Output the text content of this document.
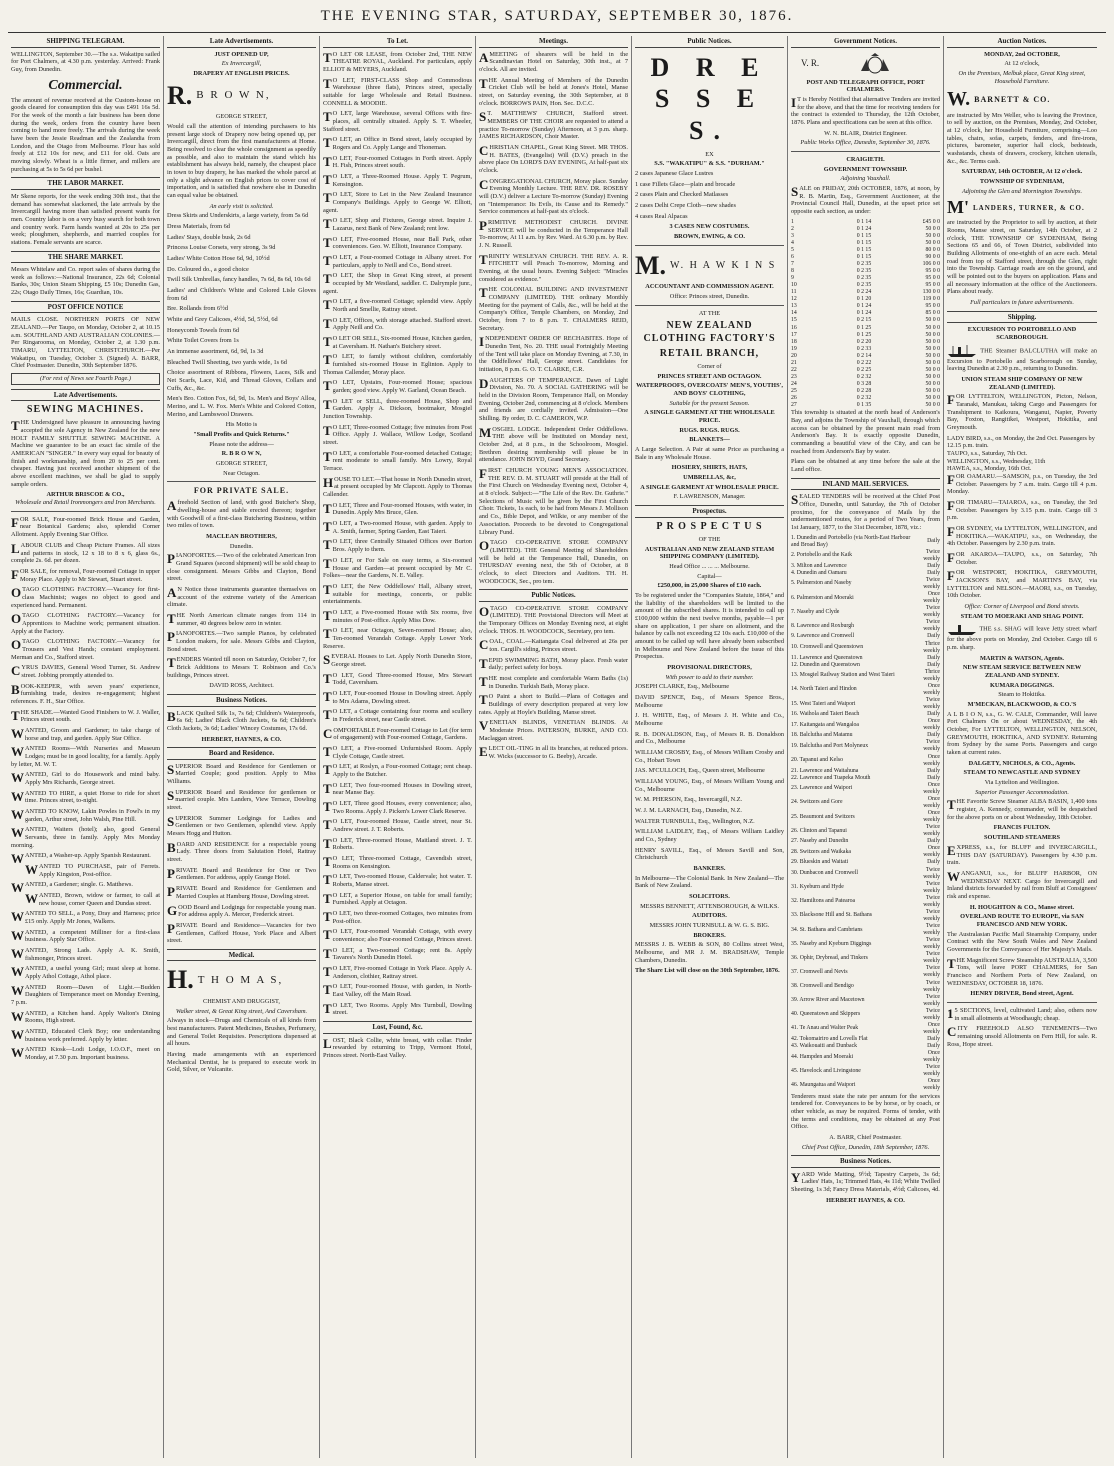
THE EVENING STAR, SATURDAY, SEPTEMBER 30, 1876.
SHIPPING TELEGRAM.

WELLINGTON, September 30.—The s.s. Wakatipu sailed for Port Chalmers, at 4.30 p.m. yesterday. Arrived: Frank Guy, from Dunedin.

Commercial.

The amount of revenue received at the Custom-house on goods cleared for consumption this day was £491 16s 5d. For the week of the month a fair business has been done during the week, orders from the country have been coming to hand more freely. The arrivals during the week have been the Jessie Readman and the Zealandia from London, and the Otago from Melbourne. Flour has sold freely at £12 10s for new, and £11 for old. Oats are moving slowly. Wheat is a little firmer, and millers are purchasing at 5s to 5s 6d per bushel.

THE LABOR MARKET.

Mr Skene reports, for the week ending 30th inst., that the demand has somewhat slackened, the late arrivals by the Invercargill having more than satisfied present wants for men. Country labor is on a very busy search for both town and country work. Farm hands wanted at 20s to 25s per week; ploughmen, shepherds, and married couples for stations. Female servants are scarce.

THE SHARE MARKET.

Messrs Whitelaw and Co. report sales of shares during the week as follows:—National Insurance, 22s 6d; Colonial Banks, 30s; Union Steam Shipping, £5 10s; Dunedin Gas, 22s; Otago Daily Times, 16s; Guardian, 10s.

POST OFFICE NOTICE

MAILS CLOSE. NORTHERN PORTS OF NEW ZEALAND.—Per Taupo, on Monday, October 2, at 10.15 a.m. SOUTHLAND AND AUSTRALIAN COLONIES.—Per Ringarooma, on Monday, October 2, at 1.30 p.m. TIMARU, LYTTELTON, CHRISTCHURCH.—Per Wakatipu, on Tuesday, October 3. (Signed) A. BARR, Chief Postmaster. Dunedin, 30th September 1876.

(For rest of News see Fourth Page.)
Late Advertisements.
SEWING MACHINES.

THE Undersigned have pleasure in announcing having accepted the sole Agency in New Zealand for the new HOLT FAMILY SHUTTLE SEWING MACHINE. A Machine we guarantee to be an exact fac simile of the AMERICAN "SINGER." In every way equal for beauty of finish and workmanship, and from 20 to 25 per cent. cheaper. Having just received another shipment of the above excellent machines, we shall be glad to supply sample orders.

ARTHUR BRISCOE & CO.,
Wholesale and Retail Ironmongers and Iron Merchants.

FOR SALE, Four-roomed Brick House and Garden, near Botanical Gardens; also, splendid Corner Allotment. Apply Evening Star Office.

LABOUR CLUB and Cheap Picture Frames. All sizes and patterns in stock, 12 x 18 to 8 x 6, glass 6s., complete 2s. 6d. per dozen.

FOR SALE, for removal, Four-roomed Cottage in upper Moray Place. Apply to Mr Stewart, Stuart street.

OTAGO CLOTHING FACTORY.—Vacancy for first-class Machinist; wages no object to good and experienced hand. Permanent.

OTAGO CLOTHING FACTORY.—Vacancy for Apprentices to Machine work; permanent situation. Apply at the Factory.

OTAGO CLOTHING FACTORY.—Vacancy for Trousers and Vest Hands; constant employment. Merman and Co., Stafford street.

CYRUS DAVIES, General Wood Turner, St. Andrew street. Jobbing promptly attended to.

BOOK-KEEPER, with seven years' experience, furnishing trade, desires re-engagement; highest references. F. H., Star Office.

THE SHADE.—Wanted Good Finishers to W. J. Waller, Princes street south.

WANTED, Groom and Gardener; to take charge of horse and trap, and garden. Apply Star Office.

WANTED Rooms—With Nurseries and Museum Lodges; must be in good locality, for a family. Apply by letter, M. W. T.

WANTED, Girl to do Housework and mind baby. Apply Mrs Richards, George street.

WANTED TO HIRE, a quiet Horse to ride for short time. Princes street, to-night.

WANTED TO KNOW, Lakin Powles in Fowl's in my garden, Arthur street, John Walsh, Pine Hill.

WANTED, Waiters (hotel); also, good General Servants, three in family. Apply Mrs Monday morning.

WANTED, a Washer-up. Apply Spanish Restaurant.

WANTED TO PURCHASE, pair of Ferrets. Apply Kingston, Post-office.

WANTED, a Gardener; single. G. Matthews.

WANTED, Brown, widow or farmer, to call at new house, corner Queen and Dundas street.

WANTED TO SELL, a Pony, Dray and Harness; price £15 only. Apply Mr Jones, Walkers.

WANTED, a competent Milliner for a first-class business. Apply Star Office.

WANTED, Strong Lads. Apply A. K. Smith, fishmonger, Princes street.

WANTED, a useful young Girl; must sleep at home. Apply Athol Cottage, Athol place.

WANTED Room—Dawn of Light.—Budden Daughters of Temperance meet on Monday Evening, 7 p.m.

WANTED, a Kitchen hand. Apply Walton's Dining Rooms, High street.

WANTED, Educated Clerk Boy; one understanding business work preferred. Apply by letter.

WANTED Kiosk—Lodi Lodge, I.O.O.F., meet on Monday, at 7.30 p.m. Important business.

Late Advertisements.
JUST OPENED UP,
Ex Invercargill,
DRAPERY AT ENGLISH PRICES.
R. B R O W N,
GEORGE STREET,

Would call the attention of intending purchasers to his present large stock of Drapery now being opened up, per Invercargill, direct from the first manufacturers at Home. Being resolved to clear the whole consignment as speedily as possible, and also to maintain the stand which his establishment has always held, namely, the cheapest place in town to buy drapery, he has marked the whole parcel at only a slight advance on English prices to cover cost of importation, and is satisfied that nowhere else in Dunedin can equal value be obtained.

An early visit is solicited.

Dress Skirts and Underskirts, a large variety, from 5s 6d

Dress Materials, from 6d

Ladies' Stays, double busk, 2s 6d

Princess Louise Corsets, very strong, 3s 9d

Ladies' White Cotton Hose 6d, 9d, 10½d

Do. Coloured do., a good choice

Twill Silk Umbrellas, fancy handles, 7s 6d, 8s 6d, 10s 6d

Ladies' and Children's White and Colored Lisle Gloves from 6d

Bre. Rollands from 6½d

White and Grey Calicoes, 4½d, 5d, 5½d, 6d

Honeycomb Towels from 6d

White Toilet Covers from 1s

An immense assortment, 6d, 9d, 1s 3d

Bleached Twill Sheeting, two yards wide, 1s 6d

Choice assortment of Ribbons, Flowers, Laces, Silk and Net Scarfs, Lace, Kid, and Thread Gloves, Collars and Cuffs, &c., &c.

Men's Bro. Cotton Fox, 6d, 9d, 1s. Men's and Boys' Alloa, Merino, and L. W. Fox. Men's White and Colored Cotton, Merino, and Lambswool Drawers.

His Motto is
"Small Profits and Quick Returns."
Please note the address—
R. B R O W N,
GEORGE STREET,
Near Octagon.
FOR PRIVATE SALE.

Afreehold Section of land, with good Butcher's Shop, dwelling-house and stable erected thereon; together with Goodwill of a first-class Butchering Business, within two miles of town.

MACLEAN BROTHERS,
Dunedin.

PIANOFORTES.—Two of the celebrated American Iron Grand Squares (second shipment) will be sold cheap to close consignment. Messrs Gibbs and Clayton, Bond street.

AN Notice those instruments guarantee themselves on account of the extreme variety of the American climate.

THE North American climate ranges from 114 in summer, 40 degrees below zero in winter.

PIANOFORTES.—Two sample Pianos, by celebrated London makers, for sale. Messrs Gibbs and Clayton, Bond street.

TENDERS Wanted till noon on Saturday, October 7, for Brick Additions to Messrs T. Robinson and Co.'s buildings, Princes street.

DAVID ROSS, Architect.
Business Notices.

BLACK Quilted Silk 1s, 7s 6d; Children's Waterproofs, 6s 6d; Ladies' Black Cloth Jackets, 6s 6d; Children's Cloth Jackets, 3s 6d; Ladies' Wincey Costumes, 17s 6d.

HERBERT, HAYNES, & CO.
Board and Residence.

SUPERIOR Board and Residence for Gentlemen or Married Couple; good position. Apply to Miss Williams.

SUPERIOR Board and Residence for gentlemen or married couple. Mrs Landers, View Terrace, Dowling street.

SUPERIOR Summer Lodgings for Ladies and Gentlemen or two Gentlemen, splendid view. Apply Messrs Hogg and Hutton.

BOARD AND RESIDENCE for a respectable young Lady. Three doors from Salutation Hotel, Rattray street.

PRIVATE Board and Residence for One or Two Gentlemen. For address, apply Grange Hotel.

PRIVATE Board and Residence for Gentlemen and Married Couples at Hamburg House, Dowling street.

GOOD Board and Lodgings for respectable young man. For address apply A. Mercer, Frederick street.

PRIVATE Board and Residence—Vacancies for two Gentlemen, Cafford House, York Place and Albert street.

Medical.
H. T H O M A S,
CHEMIST AND DRUGGIST,
Walker street, & Great King street, And Caversham.

Always in stock—Drugs and Chemicals of all kinds from best manufacturers. Patent Medicines, Brushes, Perfumery, and General Toilet Requisites. Prescriptions dispensed at all hours.

Having made arrangements with an experienced Mechanical Dentist, he is prepared to execute work in Gold, Silver, or Vulcanite.

To Let.

TO LET OR LEASE, from October 2nd, THE NEW THEATRE ROYAL, Auckland. For particulars, apply ELLIOT & MEYERS, Auckland.

TO LET, FIRST-CLASS Shop and Commodious Warehouse (three flats), Princes street, specially suitable for large Wholesale and Retail Business. CONNELL & MOODIE.

TO LET, large Warehouse, several Offices with fire-places, all centrally situated. Apply S. T. Wheeler, Stafford street.

TO LET, an Office in Bond street, lately occupied by Rogers and Co. Apply Lange and Thoneman.

TO LET, Four-roomed Cottages in Forth street. Apply H. Fish, Princes street south.

TO LET, a Three-Roomed House. Apply T. Pegrum, Kensington.

TO LET, Store to Let in the New Zealand Insurance Company's Buildings. Apply to George W. Elliott, agent.

TO LET, Shop and Fixtures, George street. Inquire J. Lazarus, next Bank of New Zealand; rent low.

TO LET, Five-roomed House, near Ball Park, other conveniences. Geo. W. Elliott, Insurance Company.

TO LET, a Four-roomed Cottage in Albany street. For particulars, apply to Neill and Co., Bond street.

TO LET, the Shop in Great King street, at present occupied by Mr Westland, saddler. C. Dalrymple junr., agent.

TO LET, a five-roomed Cottage; splendid view. Apply North and Smellie, Rattray street.

TO LET, Offices, with storage attached. Stafford street. Apply Neill and Co.

TO LET OR SELL, Six-roomed House, Kitchen garden, at Caversham. H. Nathan's Butchery street.

TO LET, to family without children, comfortably furnished six-roomed House in Eglinton. Apply to Thomas Callender, Moray place.

TO LET, Upstairs, Four-roomed House; spacious garden; good view. Apply W. Garland, Ocean Beach.

TO LET or SELL, three-roomed House, Shop and Garden. Apply A. Dickson, bootmaker, Mosgiel Junction Township.

TO LET, Three-roomed Cottage; five minutes from Post Office. Apply J. Wallace, Willow Lodge, Scotland street.

TO LET, a comfortable Four-roomed detached Cottage; rent moderate to small family. Mrs Lowry, Royal Terrace.

HOUSE TO LET.—That house in North Dunedin street, at present occupied by Mr Clapcott. Apply to Thomas Callender.

TO LET, Three and Four-roomed Houses, with water, in Dunedin. Apply Mrs Bruce, Glen.

TO LET, a Two-roomed House, with garden. Apply to A. Smith, farmer, Spring Garden, East Taieri.

TO LET, three Centrally Situated Offices over Burton Bros. Apply to them.

TO LET, or For Sale on easy terms, a Six-roomed House and Garden—at present occupied by Mr C. Folkes—near the Gardens, N. E. Valley.

TO LET, the New Oddfellows' Hall, Albany street, suitable for meetings, concerts, or public entertainments.

TO LET, a Five-roomed House with Six rooms, five minutes of Post-office. Apply Miss Dow.

TO LET, near Octagon, Seven-roomed House; also, Ten-roomed Verandah Cottage. Apply Lower York Reserve.

SEVERAL Houses to Let. Apply North Dunedin Store, George street.

TO LET, Good Three-roomed House, Mrs Stewart Todd, Caversham.

TO LET, Four-roomed House in Dowling street. Apply to Mrs Adams, Dowling street.

TO LET, a Cottage containing four rooms and scullery in Frederick street, near Castle street.

COMFORTABLE Four-roomed Cottage to Let (for term of engagement) with Four-roomed Cottage, Gardens.

TO LET, a Five-roomed Unfurnished Room. Apply Clyde Cottage, Castle street.

TO LET, at Roslyn, a Four-roomed Cottage; rent cheap. Apply to the Butcher.

TO LET, Two four-roomed Houses in Dowling street, near Manse Bay.

TO LET, Three good Houses, every convenience; also, Two Rooms. Apply J. Picken's Lower Clark Reserve.

TO LET, Four-roomed House, Castle street, near St. Andrew street. J. T. Roberts.

TO LET, Three-roomed House, Maitland street. J. T. Roberts.

TO LET, Three-roomed Cottage, Cavendish street, Rooms on Kensington.

TO LET, Two-roomed House, Caldervale; hot water. T. Roberts, Manse street.

TO LET, a Superior House, on table for small family; Furnished. Apply at Octagon.

TO LET, two three-roomed Cottages, two minutes from Post-office.

TO LET, Four-roomed Verandah Cottage, with every convenience; also Four-roomed Cottage, Princes street.

TO LET, a Two-roomed Cottage; rent 8s. Apply Tavares's North Dunedin Hotel.

TO LET, Five-roomed Cottage in York Place. Apply A. Anderson, clothier, Rattray street.

TO LET, Four-roomed House, with garden, in North-East Valley, off the Main Road.

TO LET, Two Rooms. Apply Mrs Turnbull, Dowling street.

Lost, Found, &c.

LOST, Black Collie, white breast, with collar. Finder rewarded by returning to Tripp, Vermont Hotel, Princes street. North-East Valley.

Meetings.

AMEETING of shearers will be held in the Scandinavian Hotel on Saturday, 30th inst., at 7 o'clock. All are invited.

THE Annual Meeting of Members of the Dunedin Cricket Club will be held at Jones's Hotel, Manse street, on Saturday evening, the 30th September, at 8 o'clock. BORROWS PAIN, Hon. Sec. D.C.C.

ST. MATTHEWS' CHURCH, Stafford street. MEMBERS OF THE CHOIR are requested to attend a practice To-morrow (Sunday) Afternoon, at 3 p.m. sharp. JAMES RICHARDSON, Choir Master.

CHRISTIAN CHAPEL, Great King Street. MR THOS. H. BATES, (Evangelist) Will (D.V.) preach in the above place On LORD'S DAY EVENING, At half-past six o'clock.

CONGREGATIONAL CHURCH, Moray place. Sunday Evening Monthly Lecture. THE REV. DR. ROSEBY will (D.V.) deliver a Lecture To-morrow (Sunday) Evening on "Intemperance: Its Evils, its Cause and its Remedy." Service commences at half-past six o'clock.

PRIMITIVE METHODIST CHURCH. DIVINE SERVICE will be conducted in the Temperance Hall To-morrow, At 11 a.m. by Rev. Ward. At 6.30 p.m. by Rev. J. N. Russell.

TRINITY WESLEYAN CHURCH. THE REV. A. R. FITCHETT will Preach To-morrow, Morning and Evening, at the usual hours. Evening Subject: "Miracles considered as evidence."

THE COLONIAL BUILDING AND INVESTMENT COMPANY (LIMITED). THE ordinary Monthly Meeting for the payment of Calls, &c., will be held at the Company's Office, Temple Chambers, on Monday, 2nd October, from 7 to 8 p.m. T. CHALMERS REID, Secretary.

INDEPENDENT ORDER OF RECHABITES. Hope of Dunedin Tent, No. 20. THE usual Fortnightly Meeting of the Tent will take place on Monday Evening, at 7.30, in the Oddfellows' Hall, George street. Candidates for initiation, 8 p.m. G. O. T. CLARKE, C.R.

DAUGHTERS OF TEMPERANCE. Dawn of Light Division, No. 70. A SOCIAL GATHERING will be held in the Division Room, Temperance Hall, on Monday Evening, October 2nd, commencing at 8 o'clock. Members and friends are cordially invited. Admission—One Shilling. By order, D. C. CAMERON, W.P.

MOSGIEL LODGE. Independent Order Oddfellows. THE above will be Instituted on Monday next, October 2nd, at 8 p.m., in the Schoolroom, Mosgiel. Brethren desiring membership will please be in attendance. JOHN BOYD, Grand Secretary.

FIRST CHURCH YOUNG MEN'S ASSOCIATION. THE REV. D. M. STUART will preside at the Hall of the First Church on Wednesday Evening next, October 4, at 8 o'clock. Subject:—"The Life of the Rev. Dr. Guthrie." Selections of Music will be given by the First Church Choir. Tickets, 1s each, to be had from Messrs J. Mollison and Co., Bible Depot, and Wilkie, or any member of the Association. Proceeds to be devoted to Congregational Library Fund.

OTAGO CO-OPERATIVE STORE COMPANY (LIMITED). THE General Meeting of Shareholders will be held at the Temperance Hall, Dunedin, on THURSDAY evening next, the 5th of October, at 8 o'clock, to elect Directors and Auditors. TH. H. WOODCOCK, Sec., pro tem.

Public Notices.

OTAGO CO-OPERATIVE STORE COMPANY (LIMITED). THE Provisional Directors will Meet at the Temporary Offices on Monday Evening next, at eight o'clock. THOS. H. WOODCOCK, Secretary, pro tem.

COAL, COAL.—Kaitangata Coal delivered at 26s per ton. Cargill's siding, Princes street.

TEPID SWIMMING BATH, Moray place. Fresh water daily; perfect safety for boys.

THE most complete and comfortable Warm Baths (1s) in Dunedin. Turkish Bath, Moray place.

TO Paint a short to Build.—Plans of Cottages and Buildings of every description prepared at very low rates. Apply at Hoyle's Building, Manse street.

VENETIAN BLINDS, VENETIAN BLINDS. At Moderate Prices. PATERSON, BURKE, AND CO. Maclaggan street.

ELECT OIL-TING in all its branches, at reduced prices. W. Wicks (successor to G. Beeby), Arcade.

Public Notices.
D R E S S E S.
EX
S.S. "WAKATIPU" & S.S. "DURHAM."

2 cases Japanese Glace Lustres

1 case Fillets Glace—plain and brocade

2 cases Plain and Checked Matlasses

2 cases Delhi Crepe Cloth—new shades

4 cases Real Alpacas

3 CASES NEW COSTUMES.
BROWN, EWING, & CO.
M. W. H A W K I N S
ACCOUNTANT AND COMMISSION AGENT.
Office: Princes street, Dunedin.
AT THE
NEW ZEALAND CLOTHING FACTORY'S
RETAIL BRANCH,
Corner of
PRINCES STREET AND OCTAGON.
WATERPROOFS, OVERCOATS' MEN'S, YOUTHS', AND BOYS' CLOTHING,
Suitable for the present Season.
A SINGLE GARMENT AT THE WHOLESALE PRICE.
RUGS. RUGS. RUGS.
BLANKETS—

A Large Selection. A Pair at same Price as purchasing a Bale in any Wholesale House.

HOSIERY, SHIRTS, HATS,
UMBRELLAS, &c,
A SINGLE GARMENT AT WHOLESALE PRICE.
F. LAWRENSON, Manager.
Prospectus.
P R O S P E C T U S
OF THE
AUSTRALIAN AND NEW ZEALAND STEAM SHIPPING COMPANY (LIMITED).
Head Office ... ... ... Melbourne.
Capital—
£250,000, in 25,000 Shares of £10 each.

To be registered under the "Companies Statute, 1864," and the liability of the shareholders will be limited to the amount of the subscribed shares. It is intended to call up £100,000 within the next twelve months, payable—1 per share on application, 1 per share on allotment, and the balance by calls not exceeding £2 10s each. £10,000 of the amount to be called up will have already been subscribed in Melbourne and New Zealand before the issue of this Prospectus.

PROVISIONAL DIRECTORS,
With power to add to their number.

JOSEPH CLARKE, Esq., Melbourne

DAVID SPENCE, Esq., of Messrs Spence Bros., Melbourne

J. H. WHITE, Esq., of Messrs J. H. White and Co., Melbourne

R. B. DONALDSON, Esq., of Messrs R. B. Donaldson and Co., Melbourne

WILLIAM CROSBY, Esq., of Messrs William Crosby and Co., Hobart Town

JAS. M'CULLOCH, Esq., Queen street, Melbourne

WILLIAM YOUNG, Esq., of Messrs William Young and Co., Melbourne

W. M. PHERSON, Esq., Invercargill, N.Z.

W. J. M. LARNACH, Esq., Dunedin, N.Z.

WALTER TURNBULL, Esq., Wellington, N.Z.

WILLIAM LAIDLEY, Esq., of Messrs William Laidley and Co., Sydney

HENRY SAVILL, Esq., of Messrs Savill and Son, Christchurch

BANKERS.

In Melbourne—The Colonial Bank. In New Zealand—The Bank of New Zealand.

SOLICITORS.
MESSRS BENNETT, ATTENBOROUGH, & WILKS.
AUDITORS.
MESSRS JOHN TURNBULL & W. G. S. BIG.
BROKERS.

MESSRS J. B. WEBB & SON, 80 Collins street West, Melbourne, and MR J. M. BRADSHAW, Temple Chambers, Dunedin.

The Share List will close on the 30th September, 1876.

Government Notices.
V. R.
POST AND TELEGRAPH OFFICE, PORT CHALMERS.

IT is Hereby Notified that alternative Tenders are invited for the above, and that the time for receiving tenders for the contract is extended to Thursday, the 12th October, 1876. Plans and specifications can be seen at this office.

W. N. BLAIR, District Engineer.
Public Works Office, Dunedin, September 30, 1876.
CRAIGIETH.
GOVERNMENT TOWNSHIP.
Adjoining Vauxhall.

SALE on FRIDAY, 20th OCTOBER, 1876, at noon, by R. B. Martin, Esq., Government Auctioneer, at the Provincial Council Hall, Dunedin, at the upset price set opposite each section, as under:

1	0 1 14	£45 0 0
2	0 1 24	50 0 0
3	0 1 15	50 0 0
4	0 1 15	50 0 0
5	0 1 15	80 0 0
6	0 1 15	90 0 0
7	0 2 35	106 0 0
8	0 2 35	95 0 0
9	0 2 35	95 0 0
10	0 2 35	95 0 0
11	0 2 24	130 0 0
12	0 1 20	119 0 0
13	0 1 24	95 0 0
14	0 1 24	85 0 0
15	0 2 15	50 0 0
16	0 1 25	50 0 0
17	0 1 25	50 0 0
18	0 2 20	50 0 0
19	0 2 33	50 0 0
20	0 2 14	50 0 0
21	0 2 22	50 0 0
22	0 2 25	50 0 0
23	0 2 32	50 0 0
24	0 3 28	50 0 0
25	0 2 28	50 0 0
26	0 2 32	50 0 0
27	0 1 35	50 0 0

This township is situated at the north head of Anderson's Bay, and adjoins the Township of Vauxhall, through which access can be obtained by the present main road from Anderson's Bay. It is exactly opposite Dunedin, commanding a beautiful view of the City, and can be reached from Anderson's Bay by water.

Plans can be obtained at any time before the sale at the Land office.

INLAND MAIL SERVICES.

SEALED TENDERS will be received at the Chief Post Office, Dunedin, until Saturday, the 7th of October proximo, for the conveyance of Mails by the undermentioned routes, for a period of Two Years, from 1st January, 1877, to the 31st December, 1878, viz.:

1. Dunedin and Portobello (via North-East Harbour and Broad Bay)	Daily
2. Portobello and the Kaik	Twice weekly
3. Milton and Lawrence	Daily
4. Dunedin and Oamaru	Daily
5. Palmerston and Naseby	Twice weekly
6. Palmerston and Moeraki	Once weekly
7. Naseby and Clyde	Twice weekly
8. Lawrence and Roxburgh	Twice weekly
9. Lawrence and Cromwell	Daily
10. Cromwell and Queenstown	Thrice weekly
11. Lawrence and Queenstown	Daily
12. Dunedin and Queenstown	Daily
13. Mosgiel Railway Station and West Taieri	Thrice weekly
14. North Taieri and Hindon	Once weekly
15. West Taieri and Waipori	Twice weekly
16. Waihola and Taieri Beach	Daily
17. Kaitangata and Wangaloa	Once weekly
18. Balclutha and Matamu	Daily
19. Balclutha and Port Molyneux	Twice weekly
20. Tapanui and Kelso	Once weekly
21. Lawrence and Waitahuna	Daily
22. Lawrence and Tuapeka Mouth	Daily
23. Lawrence and Waipori	Once weekly
24. Switzers and Gore	Once weekly
25. Beaumont and Switzers	Once weekly
26. Clinton and Tapanui	Twice weekly
27. Naseby and Dunedin	Daily
28. Switzers and Waikaka	Once weekly
29. Blueskin and Waitati	Daily
30. Dunbacon and Cromwell	Twice weekly
31. Kyeburn and Hyde	Twice weekly
32. Hamiltons and Patearoa	Twice weekly
33. Blacksone Hill and St. Bathans	Twice weekly
34. St. Bathans and Cambrians	Twice weekly
35. Naseby and Kyeburn Diggings	Twice weekly
36. Ophir, Drybread, and Tinkers	Twice weekly
37. Cromwell and Nevis	Twice weekly
38. Cromwell and Bendigo	Twice weekly
39. Arrow River and Macetown	Twice weekly
40. Queenstown and Skippers	Twice weekly
41. Te Anau and Walter Peak	Once weekly
42. Tokomairiro and Lovells Flat	Daily
43. Waikouaiti and Dunback	Daily
44. Hampden and Moeraki	Once weekly
45. Havelock and Livingstone	Twice weekly
46. Maungatua and Waipori	Once weekly

Tenderers must state the rate per annum for the services tendered for. Conveyances to be by horse, or by coach, or other vehicle, as may be required. Forms of tender, with the terms and conditions, may be obtained at any Post Office.

A. BARR, Chief Postmaster.
Chief Post Office, Dunedin, 18th September, 1876.
Business Notices.

YARD Wide Matting, 9½d; Tapestry Carpets, 3s 6d; Ladies' Hats, 1s; Trimmed Hats, 4s 11d; White Twilled Sheeting, 1s 3d; Fancy Dress Materials, 4½d; Calicoes, 4d.

HERBERT HAYNES, & CO.
Auction Notices.
MONDAY, 2nd OCTOBER,
At 12 o'clock,
On the Premises, Melbuk place, Great King street, Household Furniture.
W. BARNETT & CO.

are instructed by Mrs Weller, who is leaving the Province, to sell by auction, on the Premises, Monday, 2nd October, at 12 o'clock, her Household Furniture, comprising—Loo tables, chairs, sofas, carpets, fenders, and fire-irons, pictures, barometer, superior hall clock, bedsteads, washstands, chests of drawers, crockery, kitchen utensils, &c., &c. Terms cash.

SATURDAY, 14th OCTOBER, At 12 o'clock.
TOWNSHIP OF SYDENHAM,
Adjoining the Glen and Mornington Townships.
M' LANDERS, TURNER, & CO.

are instructed by the Proprietor to sell by auction, at their Rooms, Manse street, on Saturday, 14th October, at 2 o'clock, THE TOWNSHIP OF SYDENHAM, Being Sections 65 and 66, of Town District, subdivided into Building Allotments of one-eighth of an acre each. Metal road from top of Stafford street, through the Glen, right into the Township. Carriage roads are on the ground, and will be pointed out to the buyers on application. Plans and all necessary information at the office of the Auctioneers. Plans about ready.

Full particulars in future advertisements.
Shipping.
EXCURSION TO PORTOBELLO AND SCARBOROUGH.

THE Steamer BALCLUTHA will make an Excursion to Portobello and Scarborough on Sunday, leaving Dunedin at 2.30 p.m., returning to Dunedin.

UNION STEAM SHIP COMPANY OF NEW ZEALAND (LIMITED).

FOR LYTTELTON, WELLINGTON, Picton, Nelson, Taranaki, Manukau, taking Cargo and Passengers for Transhipment to Kaikoura, Wanganui, Napier, Poverty Bay, Foxton, Rangitikei, Westport, Hokitika, and Greymouth.

LADY BIRD, s.s., on Monday, the 2nd Oct. Passengers by 12.15 p.m. train.
TAUPO, s.s., Saturday, 7th Oct.
WELLINGTON, s.s., Wednesday, 11th
HAWEA, s.s., Monday, 16th Oct.

FOR OAMARU.—SAMSON, p.s., on Tuesday, the 3rd October. Passengers by 7 a.m. train. Cargo till 4 p.m. Monday.

FOR TIMARU—TAIAROA, s.s., on Tuesday, the 3rd October. Passengers by 3.15 p.m. train. Cargo till 3 p.m.

FOR SYDNEY, via LYTTELTON, WELLINGTON, and HOKITIKA.—WAKATIPU, s.s., on Wednesday, the 4th October. Passengers by 2.30 p.m. train.

FOR AKAROA—TAUPO, s.s., on Saturday, 7th October.

FOR WESTPORT, HOKITIKA, GREYMOUTH, JACKSON'S BAY, and MARTIN'S BAY, via LYTTELTON and NELSON.—MAORI, s.s., on Tuesday, 10th October.

Office: Corner of Liverpool and Bond streets.
STEAM TO MOERAKI AND SHAG POINT.

THE s.s. SHAG will leave Jetty street wharf for the above ports on Monday, 2nd October. Cargo till 6 p.m. sharp.

MARTIN & WATSON, Agents.
NEW STEAM SERVICE BETWEEN NEW ZEALAND AND SYDNEY.
KUMARA DIGGINGS.
Steam to Hokitika.
M'MECKAN, BLACKWOOD, & CO.'S

A L B I O N, s.s., G. W. CALE, Commander, Will leave Port Chalmers On or about WEDNESDAY, the 4th October, For LYTTELTON, WELLINGTON, NELSON, GREYMOUTH, HOKITIKA, AND SYDNEY. Returning from Sydney by the same Ports. Passengers and cargo taken at current rates.

DALGETY, NICHOLS, & CO., Agents.
STEAM TO NEWCASTLE AND SYDNEY
Via Lyttelton and Wellington.
Superior Passenger Accommodation.

THE Favorite Screw Steamer ALBA BASIN, 1,400 tons register, A. Kennedy, commander, will be despatched for the above ports on or about Wednesday, 18th October.

FRANCIS FULTON.
SOUTHLAND STEAMERS

EXPRESS, s.s., for BLUFF and INVERCARGILL, THIS DAY (SATURDAY). Passengers by 4.30 p.m. train.

WANGANUI, s.s., for BLUFF HARBOR, ON WEDNESDAY NEXT. Cargo for Invercargill and Inland districts forwarded by rail from Bluff at Consignees' risk and expense.

H. HOUGHTON & CO., Manse street.
OVERLAND ROUTE TO EUROPE, via SAN FRANCISCO AND NEW YORK.

The Australasian Pacific Mail Steamship Company, under Contract with the New South Wales and New Zealand Governments for the Conveyance of Her Majesty's Mails.

THE Magnificent Screw Steamship AUSTRALIA, 3,500 Tons, will leave PORT CHALMERS, for San Francisco and Northern Ports of New Zealand, on WEDNESDAY, OCTOBER 18, 1876.

HENRY DRIVER, Bond street, Agent.

15 SECTIONS, level, cultivated Land; also, others now in small allotments at Woodhaugh; cheap.

CITY FREEHOLD ALSO TENEMENTS—Two remaining unsold Allotments on Fern Hill, for sale. R. Ross, Hope street.
